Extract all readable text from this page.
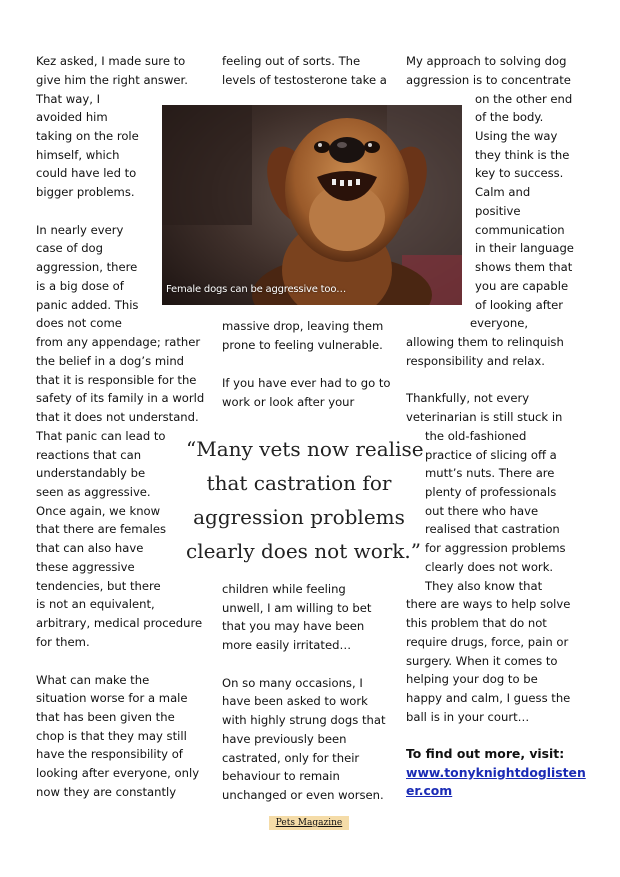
Kez asked, I made sure to
give him the right answer.
That way, I
avoided him
taking on the role
himself, which
could have led to
bigger problems.
In nearly every
case of dog
aggression, there
is a big dose of
panic added. This
does not come
from any appendage; rather
the belief in a dog’s mind
that it is responsible for the
safety of its family in a world
that it does not understand.
That panic can lead to
reactions that can
understandably be
seen as aggressive.
Once again, we know
that there are females
that can also have
these aggressive
tendencies, but there
is not an equivalent,
arbitrary, medical procedure
for them.
What can make the
situation worse for a male
that has been given the
chop is that they may still
have the responsibility of
looking after everyone, only
now they are constantly
feeling out of sorts. The
levels of testosterone take a
massive drop, leaving them
prone to feeling vulnerable.
If you have ever had to go to
work or look after your
children while feeling
unwell, I am willing to bet
that you may have been
more easily irritated…
On so many occasions, I
have been asked to work
with highly strung dogs that
have previously been
castrated, only for their
behaviour to remain
unchanged or even worsen.
My approach to solving dog
aggression is to concentrate
on the other end
of the body.
Using the way
they think is the
key to success.
Calm and
positive
communication
in their language
shows them that
you are capable
of looking after
everyone,
allowing them to relinquish
responsibility and relax.
Thankfully, not every
veterinarian is still stuck in
the old-fashioned
practice of slicing off a
mutt’s nuts. There are
plenty of professionals
out there who have
realised that castration
for aggression problems
clearly does not work.
They also know that
there are ways to help solve
this problem that do not
require drugs, force, pain or
surgery. When it comes to
helping your dog to be
happy and calm, I guess the
ball is in your court…
To find out more, visit:
www.tonyknightdoglisten
er.com
Female dogs can be aggressive too…
“Many vets now realise
that castration for
aggression problems
clearly does not work.”
Pets Magazine
